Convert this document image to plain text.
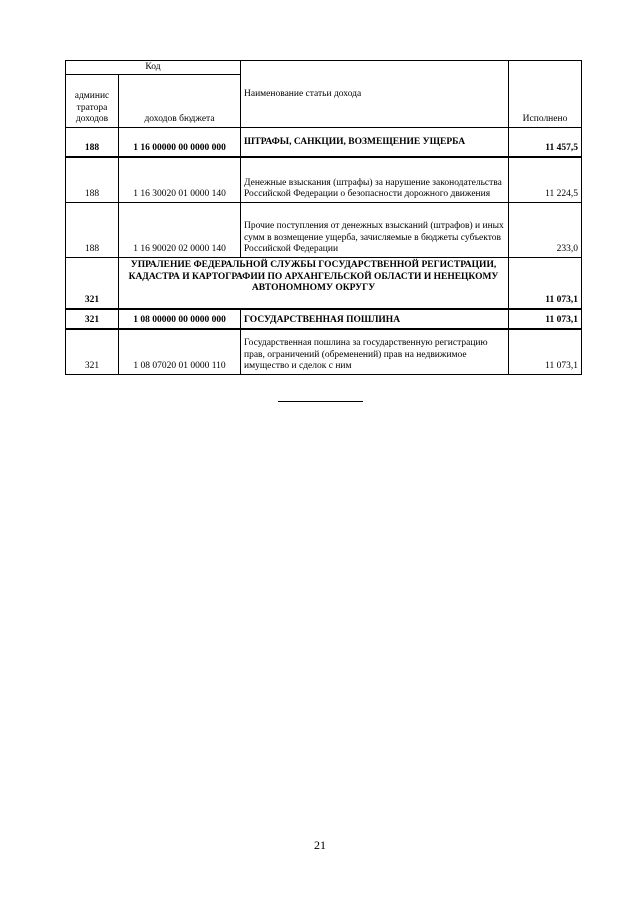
Код		Наименование статьи дохода	Исполнено
админис тратора доходов	доходов бюджета		
188	1 16 00000 00 0000 000	ШТРАФЫ, САНКЦИИ, ВОЗМЕЩЕНИЕ УЩЕРБА	11 457,5
188	1 16 30020 01 0000 140	Денежные взыскания (штрафы) за нарушение законодательства Российской Федерации о безопасности дорожного движения	11 224,5
188	1 16 90020 02 0000 140	Прочие поступления от денежных взысканий (штрафов) и иных сумм в возмещение ущерба, зачисляемые в бюджеты субъектов Российской Федерации	233,0
321	УПРАЛЕНИЕ ФЕДЕРАЛЬНОЙ СЛУЖБЫ ГОСУДАРСТВЕННОЙ РЕГИСТРАЦИИ, КАДАСТРА И КАРТОГРАФИИ ПО АРХАНГЕЛЬСКОЙ ОБЛАСТИ И НЕНЕЦКОМУ АВТОНОМНОМУ ОКРУГУ		11 073,1
321	1 08 00000 00 0000 000	ГОСУДАРСТВЕННАЯ ПОШЛИНА	11 073,1
321	1 08 07020 01 0000 110	Государственная пошлина за государственную регистрацию прав, ограничений (обременений) прав на недвижимое имущество и сделок с ним	11 073,1
21
